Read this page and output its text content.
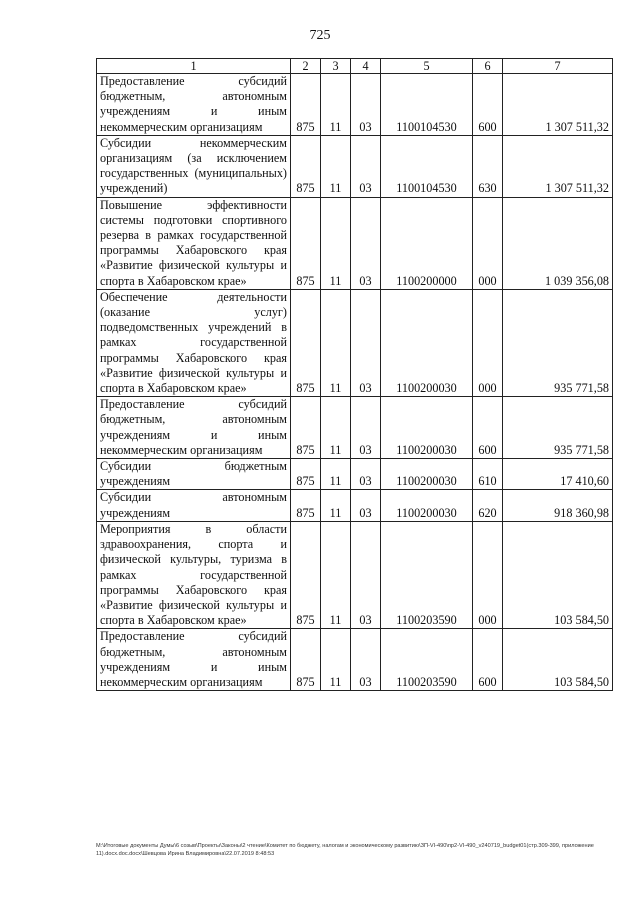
725
1	2	3	4	5	6	7
Предоставление субсидий бюджетным, автономным учреждениям и иным некоммерческим организациям	875	11	03	1100104530	600	1 307 511,32
Субсидии некоммерческим организациям (за исключением государственных (муниципальных) учреждений)	875	11	03	1100104530	630	1 307 511,32
Повышение эффективности системы подготовки спортивного резерва в рамках государственной программы Хабаровского края «Развитие физической культуры и спорта в Хабаровском крае»	875	11	03	1100200000	000	1 039 356,08
Обеспечение деятельности (оказание услуг) подведомственных учреждений в рамках государственной программы Хабаровского края «Развитие физической культуры и спорта в Хабаровском крае»	875	11	03	1100200030	000	935 771,58
Предоставление субсидий бюджетным, автономным учреждениям и иным некоммерческим организациям	875	11	03	1100200030	600	935 771,58
Субсидии бюджетным учреждениям	875	11	03	1100200030	610	17 410,60
Субсидии автономным учреждениям	875	11	03	1100200030	620	918 360,98
Мероприятия в области здравоохранения, спорта и физической культуры, туризма в рамках государственной программы Хабаровского края «Развитие физической культуры и спорта в Хабаровском крае»	875	11	03	1100203590	000	103 584,50
Предоставление субсидий бюджетным, автономным учреждениям и иным некоммерческим организациям	875	11	03	1100203590	600	103 584,50
M:\Итоговые документы Думы\6 созыв\Проекты\Законы\2 чтение\Комитет по бюджету, налогам и экономическому развитию\ЗП-VI-490\пр2-VI-490_v240719_budget01(стр.309-399, приложение 11).docx.doc.docx\Шевцова Ирина Владимировна\22.07.2019 8:48:53
